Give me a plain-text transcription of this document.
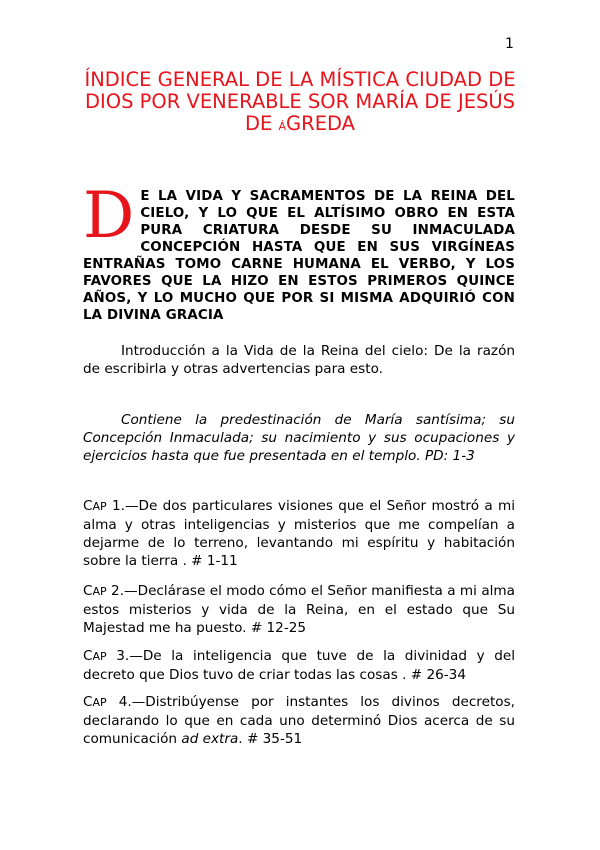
1
ÍNDICE GENERAL DE LA MÍSTICA CIUDAD DE DIOS POR VENERABLE SOR MARÍA DE JESÚS DE ÁGREDA
D E LA VIDA Y SACRAMENTOS DE LA REINA DEL CIELO, Y LO QUE EL ALTÍSIMO OBRO EN ESTA PURA CRIATURA DESDE SU INMACULADA CONCEPCIÓN HASTA QUE EN SUS VIRGÍNEAS ENTRAÑAS TOMO CARNE HUMANA EL VERBO, Y LOS FAVORES QUE LA HIZO EN ESTOS PRIMEROS QUINCE AÑOS, Y LO MUCHO QUE POR SI MISMA ADQUIRIÓ CON LA DIVINA GRACIA

Introducción a la Vida de la Reina del cielo: De la razón de escribirla y otras advertencias para esto.

Contiene la predestinación de María santísima; su Concepción Inmaculada; su nacimiento y sus ocupaciones y ejercicios hasta que fue presentada en el templo. PD: 1-3

CAP 1.—De dos particulares visiones que el Señor mostró a mi alma y otras inteligencias y misterios que me compelían a dejarme de lo terreno, levantando mi espíritu y habitación sobre la tierra . # 1-11

CAP 2.—Declárase el modo cómo el Señor manifiesta a mi alma estos misterios y vida de la Reina, en el estado que Su Majestad me ha puesto. # 12-25

CAP 3.—De la inteligencia que tuve de la divinidad y del decreto que Dios tuvo de criar todas las cosas . # 26-34

CAP 4.—Distribúyense por instantes los divinos decretos, declarando lo que en cada uno determinó Dios acerca de su comunicación ad extra. # 35-51
